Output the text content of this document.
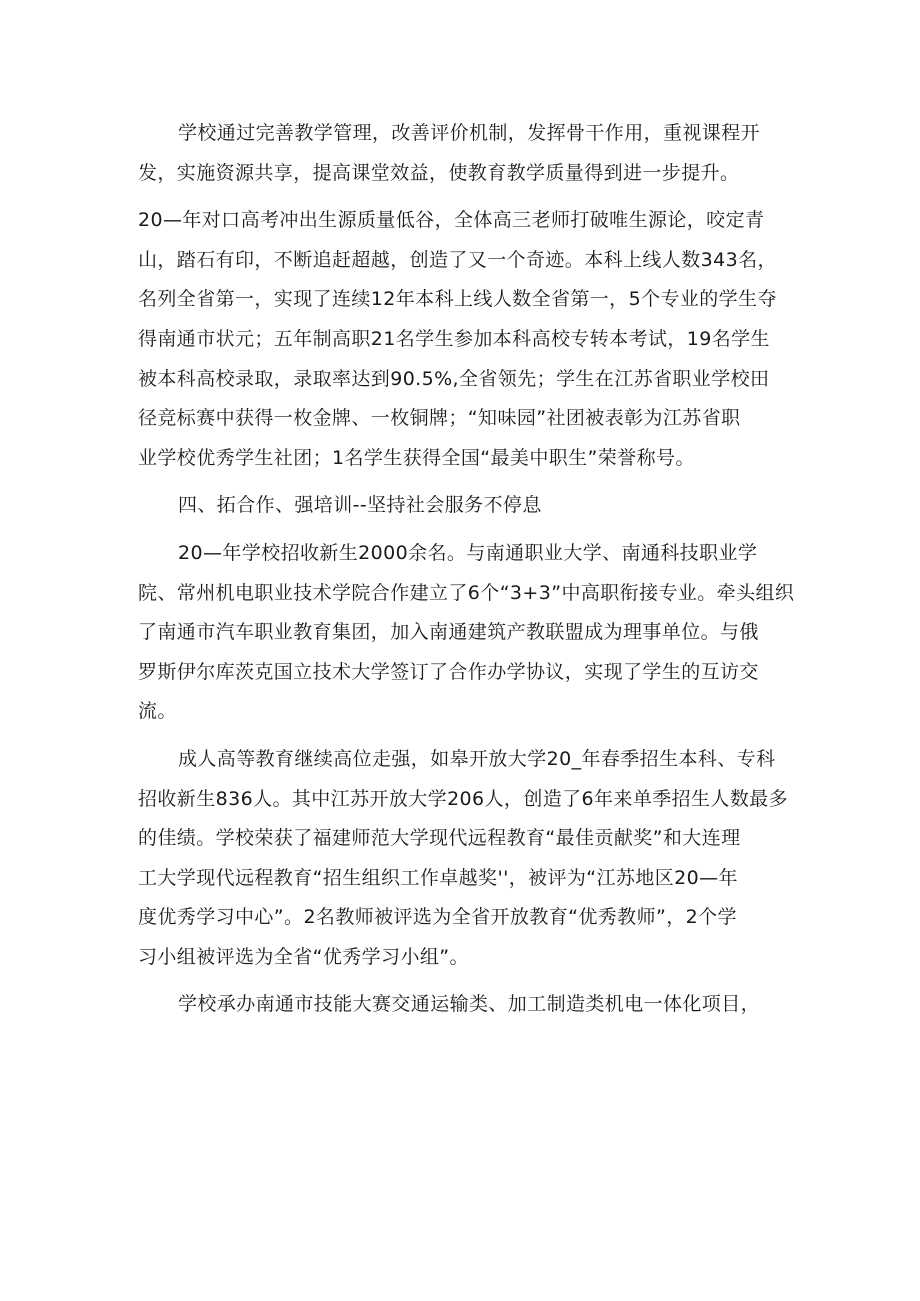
学校通过完善教学管理，改善评价机制，发挥骨干作用，重视课程开
发，实施资源共享，提高课堂效益，使教育教学质量得到进一步提升。
20—年对口高考冲出生源质量低谷，全体高三老师打破唯生源论，咬定青
山，踏石有印，不断追赶超越，创造了又一个奇迹。本科上线人数343名，
名列全省第一，实现了连续12年本科上线人数全省第一，5个专业的学生夺
得南通市状元；五年制高职21名学生参加本科高校专转本考试，19名学生
被本科高校录取，录取率达到90.5%,全省领先；学生在江苏省职业学校田
径竞标赛中获得一枚金牌、一枚铜牌；“知味园”社团被表彰为江苏省职
业学校优秀学生社团；1名学生获得全国“最美中职生”荣誉称号。
四、拓合作、强培训--坚持社会服务不停息
20—年学校招收新生2000余名。与南通职业大学、南通科技职业学
院、常州机电职业技术学院合作建立了6个“3+3”中高职衔接专业。牵头组织
了南通市汽车职业教育集团，加入南通建筑产教联盟成为理事单位。与俄
罗斯伊尔库茨克国立技术大学签订了合作办学协议，实现了学生的互访交
流。
成人高等教育继续高位走强，如皋开放大学20_年春季招生本科、专科
招收新生836人。其中江苏开放大学206人，创造了6年来单季招生人数最多
的佳绩。学校荣获了福建师范大学现代远程教育“最佳贡献奖”和大连理
工大学现代远程教育“招生组织工作卓越奖''，被评为“江苏地区20—年
度优秀学习中心”。2名教师被评选为全省开放教育“优秀教师”，2个学
习小组被评选为全省“优秀学习小组”。
学校承办南通市技能大赛交通运输类、加工制造类机电一体化项目，
